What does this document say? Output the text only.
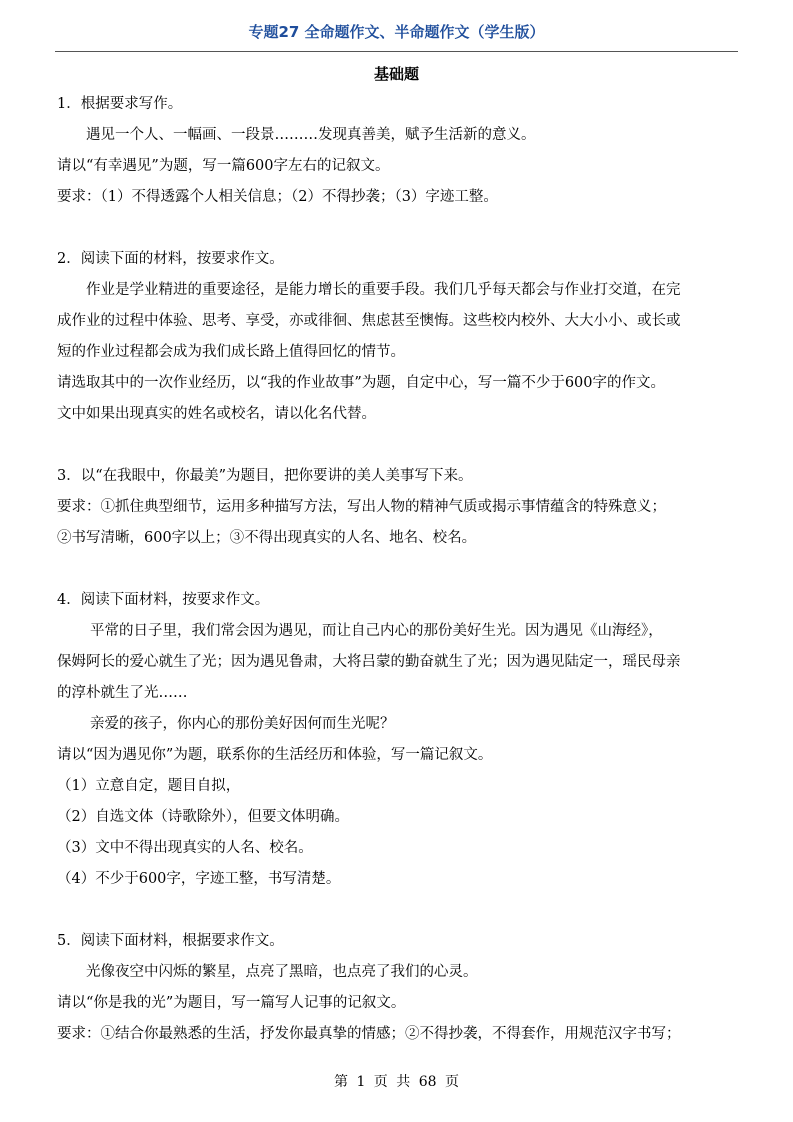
专题27 全命题作文、半命题作文（学生版）
基础题
1．根据要求写作。
遇见一个人、一幅画、一段景………发现真善美，赋予生活新的意义。
请以“有幸遇见”为题，写一篇600字左右的记叙文。
要求：（1）不得透露个人相关信息；（2）不得抄袭；（3）字迹工整。
2．阅读下面的材料，按要求作文。
作业是学业精进的重要途径，是能力增长的重要手段。我们几乎每天都会与作业打交道，在完
成作业的过程中体验、思考、享受，亦或徘徊、焦虑甚至懊悔。这些校内校外、大大小小、或长或
短的作业过程都会成为我们成长路上值得回忆的情节。
请选取其中的一次作业经历，以“我的作业故事”为题，自定中心，写一篇不少于600字的作文。
文中如果出现真实的姓名或校名，请以化名代替。
3．以“在我眼中，你最美”为题目，把你要讲的美人美事写下来。
要求：①抓住典型细节，运用多种描写方法，写出人物的精神气质或揭示事情蕴含的特殊意义；
②书写清晰，600字以上；③不得出现真实的人名、地名、校名。
4．阅读下面材料，按要求作文。
平常的日子里，我们常会因为遇见，而让自己内心的那份美好生光。因为遇见《山海经》，
保姆阿长的爱心就生了光；因为遇见鲁肃，大将吕蒙的勤奋就生了光；因为遇见陆定一，瑶民母亲
的淳朴就生了光……
亲爱的孩子，你内心的那份美好因何而生光呢？
请以“因为遇见你”为题，联系你的生活经历和体验，写一篇记叙文。
（1）立意自定，题目自拟，
（2）自选文体（诗歌除外），但要文体明确。
（3）文中不得出现真实的人名、校名。
（4）不少于600字，字迹工整，书写清楚。
5．阅读下面材料，根据要求作文。
光像夜空中闪烁的繁星，点亮了黑暗，也点亮了我们的心灵。
请以“你是我的光”为题目，写一篇写人记事的记叙文。
要求：①结合你最熟悉的生活，抒发你最真挚的情感；②不得抄袭，不得套作，用规范汉字书写；
第 1 页 共 68 页
